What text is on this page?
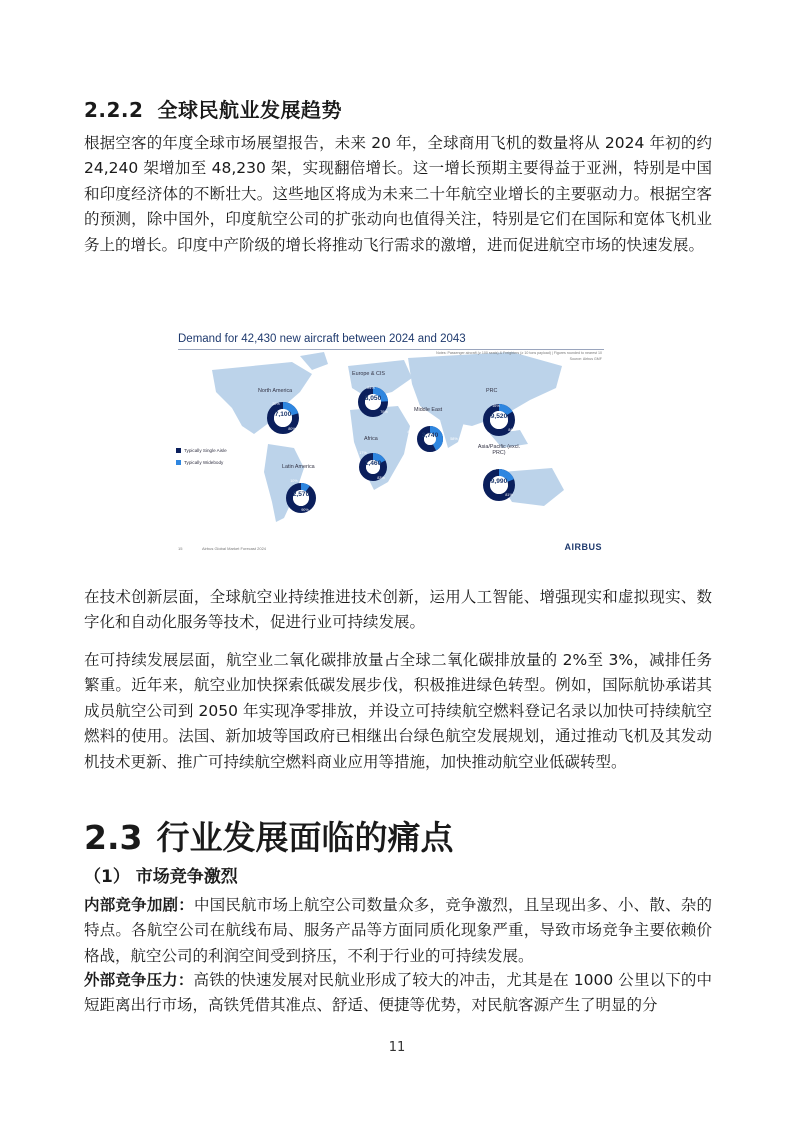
2.2.2 全球民航业发展趋势
根据空客的年度全球市场展望报告，未来 20 年，全球商用飞机的数量将从 2024 年初的约 24,240 架增加至 48,230 架，实现翻倍增长。这一增长预期主要得益于亚洲，特别是中国和印度经济体的不断壮大。这些地区将成为未来二十年航空业增长的主要驱动力。根据空客的预测，除中国外，印度航空公司的扩张动向也值得关注，特别是它们在国际和宽体飞机业务上的增长。印度中产阶级的增长将推动飞行需求的激增，进而促进航空市场的快速发展。
Demand for 42,430 new aircraft between 2024 and 2043
Notes: Passenger aircraft (≥ 100 seats) & Freighters (≥ 10 tons payload) | Figures rounded to nearest 10
Source: Airbus GMF
North America
Europe & CIS
Middle East
PRC
Africa
Latin America
Asia/Pacific (excl. PRC)
7,100
8,050
3,740
9,520
1,460
2,570
9,990
20%
80%
24%
76%
42%
58%
16%
84%
17%
83%
10%
90%
19%
81%
Typically Single Aisle
Typically Widebody
15	Airbus Global Market Forecast 2024	AIRBUS
在技术创新层面，全球航空业持续推进技术创新，运用人工智能、增强现实和虚拟现实、数字化和自动化服务等技术，促进行业可持续发展。
在可持续发展层面，航空业二氧化碳排放量占全球二氧化碳排放量的 2%至 3%，减排任务繁重。近年来，航空业加快探索低碳发展步伐，积极推进绿色转型。例如，国际航协承诺其成员航空公司到 2050 年实现净零排放，并设立可持续航空燃料登记名录以加快可持续航空燃料的使用。法国、新加坡等国政府已相继出台绿色航空发展规划，通过推动飞机及其发动机技术更新、推广可持续航空燃料商业应用等措施，加快推动航空业低碳转型。
2.3 行业发展面临的痛点
（1） 市场竞争激烈
内部竞争加剧：中国民航市场上航空公司数量众多，竞争激烈，且呈现出多、小、散、杂的特点。各航空公司在航线布局、服务产品等方面同质化现象严重，导致市场竞争主要依赖价格战，航空公司的利润空间受到挤压，不利于行业的可持续发展。
外部竞争压力：高铁的快速发展对民航业形成了较大的冲击，尤其是在 1000 公里以下的中短距离出行市场，高铁凭借其准点、舒适、便捷等优势，对民航客源产生了明显的分
11
